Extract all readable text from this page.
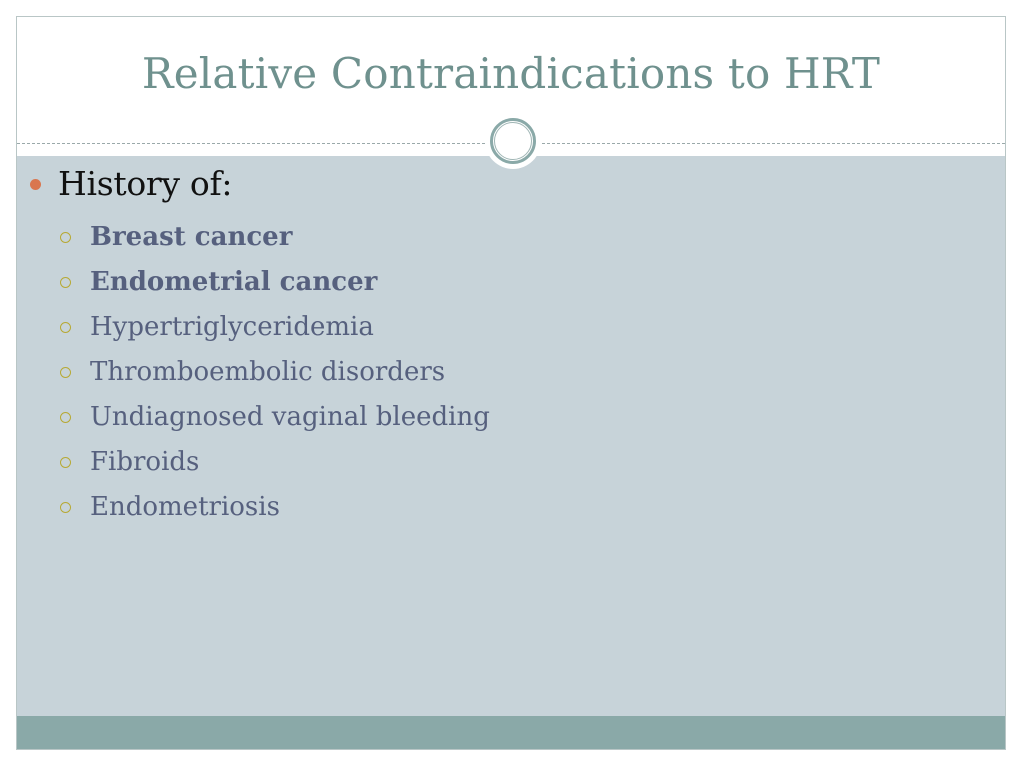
Relative Contraindications to HRT
History of:
Breast cancer
Endometrial cancer
Hypertriglyceridemia
Thromboembolic disorders
Undiagnosed vaginal bleeding
Fibroids
Endometriosis
